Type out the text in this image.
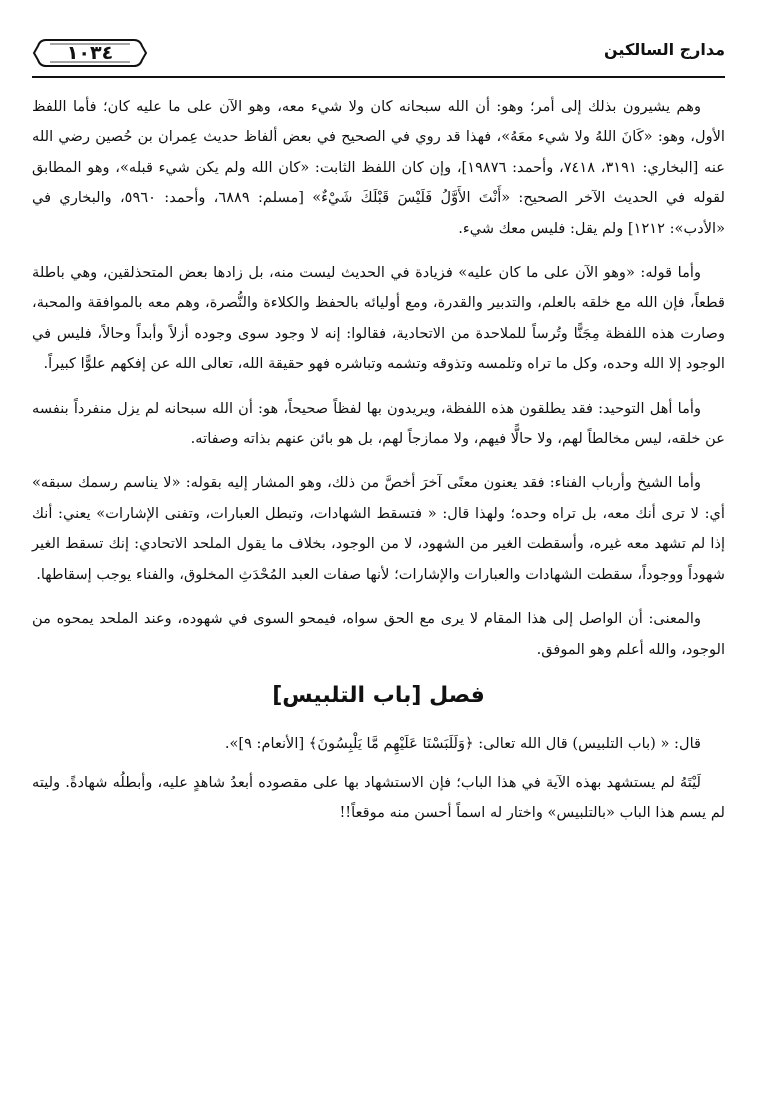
١٠٣٤	مدارج السالكين

وهم يشيرون بذلك إلى أمر؛ وهو: أن الله سبحانه كان ولا شيء معه، وهو الآن على ما عليه كان؛ فأما اللفظ الأول، وهو: «كَانَ اللهُ ولا شيء معَهُ»، فهذا قد روي في الصحيح في بعض ألفاظ حديث عِمران بن حُصين رضي الله عنه [البخاري: ٣١٩١، ٧٤١٨، وأحمد: ١٩٨٧٦]، وإن كان اللفظ الثابت: «كان الله ولم يكن شيء قبله»، وهو المطابق لقوله في الحديث الآخر الصحيح: «أَنْتَ الأَوَّلُ فَلَيْسَ قَبْلَكَ شَيْءٌ» [مسلم: ٦٨٨٩، وأحمد: ٥٩٦٠، والبخاري في «الأدب»: ١٢١٢] ولم يقل: فليس معك شيء.

وأما قوله: «وهو الآن على ما كان عليه» فزيادة في الحديث ليست منه، بل زادها بعض المتحذلقين، وهي باطلة قطعاً، فإن الله مع خلقه بالعلم، والتدبير والقدرة، ومع أوليائه بالحفظ والكلاءة والنُّصرة، وهم معه بالموافقة والمحبة، وصارت هذه اللفظة مِجَنًّا وتُرساً للملاحدة من الاتحادية، فقالوا: إنه لا وجود سوى وجوده أزلاً وأبداً وحالاً، فليس في الوجود إلا الله وحده، وكل ما تراه وتلمسه وتذوقه وتشمه وتباشره فهو حقيقة الله، تعالى الله عن إفكهم علوًّا كبيراً.

وأما أهل التوحيد: فقد يطلقون هذه اللفظة، ويريدون بها لفظاً صحيحاً، هو: أن الله سبحانه لم يزل منفرداً بنفسه عن خلقه، ليس مخالطاً لهم، ولا حالًّا فيهم، ولا ممازجاً لهم، بل هو بائن عنهم بذاته وصفاته.

وأما الشيخ وأرباب الفناء: فقد يعنون معنًى آخرَ أخصَّ من ذلك، وهو المشار إليه بقوله: «لا يناسم رسمك سبقه» أي: لا ترى أنك معه، بل تراه وحده؛ ولهذا قال: « فتسقط الشهادات، وتبطل العبارات، وتفنى الإشارات» يعني: أنك إذا لم تشهد معه غيره، وأسقطت الغير من الشهود، لا من الوجود، بخلاف ما يقول الملحد الاتحادي: إنك تسقط الغير شهوداً ووجوداً، سقطت الشهادات والعبارات والإشارات؛ لأنها صفات العبد المُحْدَثِ المخلوق، والفناء يوجب إسقاطها.

والمعنى: أن الواصل إلى هذا المقام لا يرى مع الحق سواه، فيمحو السوى في شهوده، وعند الملحد يمحوه من الوجود، والله أعلم وهو الموفق.

فصل [باب التلبيس]

قال: « (باب التلبيس) قال الله تعالى: ﴿وَلَلَبَسْنَا عَلَيْهِم مَّا يَلْبِسُونَ﴾ [الأنعام: ٩]».

لَيْتَهُ لم يستشهد بهذه الآية في هذا الباب؛ فإن الاستشهاد بها على مقصوده أبعدُ شاهدٍ عليه، وأبطلُه شهادةً. وليته لم يسم هذا الباب «بالتلبيس» واختار له اسماً أحسن منه موقعاً!!
